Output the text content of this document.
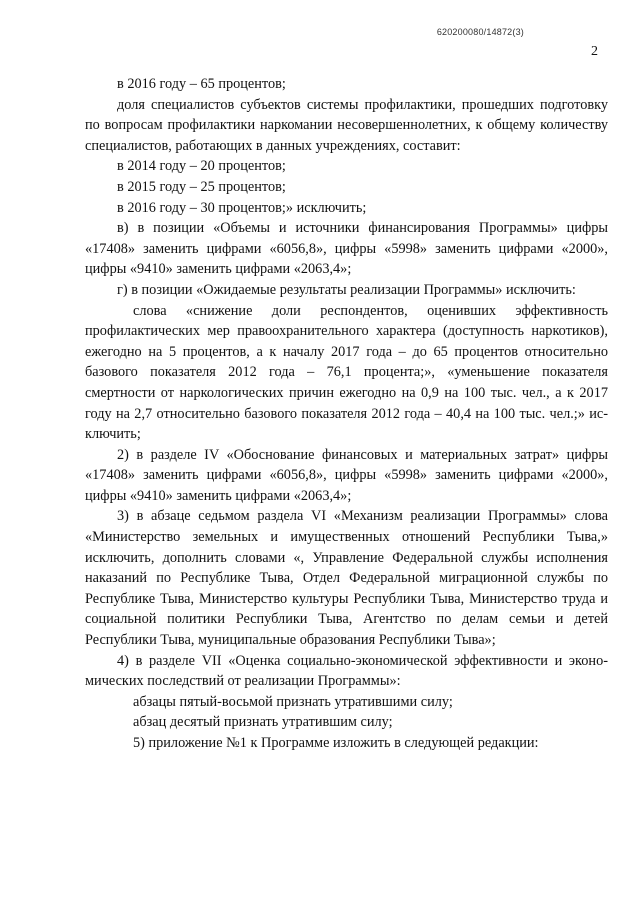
620200080/14872(3)
2

в 2016 году – 65 процентов;

доля специалистов субъектов системы профилактики, прошедших подготовку по вопросам профилактики наркомании несовершеннолетних, к общему количеству специалистов, работающих в данных учреждениях, составит:

в 2014 году – 20 процентов;

в 2015 году – 25 процентов;

в 2016 году – 30 процентов;» исключить;

в) в позиции «Объемы и источники финансирования Программы» цифры «17408» заменить цифрами «6056,8», цифры «5998» заменить цифрами «2000», цифры «9410» заменить цифрами «2063,4»;

г) в позиции «Ожидаемые результаты реализации Программы» исключить:

слова «снижение доли респондентов, оценивших эффективность профилактических мер правоохранительного характера (доступность наркотиков), ежегодно на 5 процентов, а к началу 2017 года – до 65 процентов относительно базового показателя 2012 года – 76,1 процента;», «уменьшение показателя смертности от наркологических причин ежегодно на 0,9 на 100 тыс. чел., а к 2017 году на 2,7 относительно базового показателя 2012 года – 40,4 на 100 тыс. чел.;» исключить;

2) в разделе IV «Обоснование финансовых и материальных затрат» цифры «17408» заменить цифрами «6056,8», цифры «5998» заменить цифрами «2000», цифры «9410» заменить цифрами «2063,4»;

3) в абзаце седьмом раздела VI «Механизм реализации Программы» слова «Министерство земельных и имущественных отношений Республики Тыва,» исключить, дополнить словами «, Управление Федеральной службы исполнения наказаний по Республике Тыва, Отдел Федеральной миграционной службы по Республике Тыва, Министерство культуры Республики Тыва, Министерство труда и социальной политики Республики Тыва, Агентство по делам семьи и детей Республики Тыва, муниципальные образования Республики Тыва»;

4) в разделе VII «Оценка социально-экономической эффективности и экономических последствий от реализации Программы»:

абзацы пятый-восьмой признать утратившими силу;

абзац десятый признать утратившим силу;

5) приложение №1 к Программе изложить в следующей редакции:
